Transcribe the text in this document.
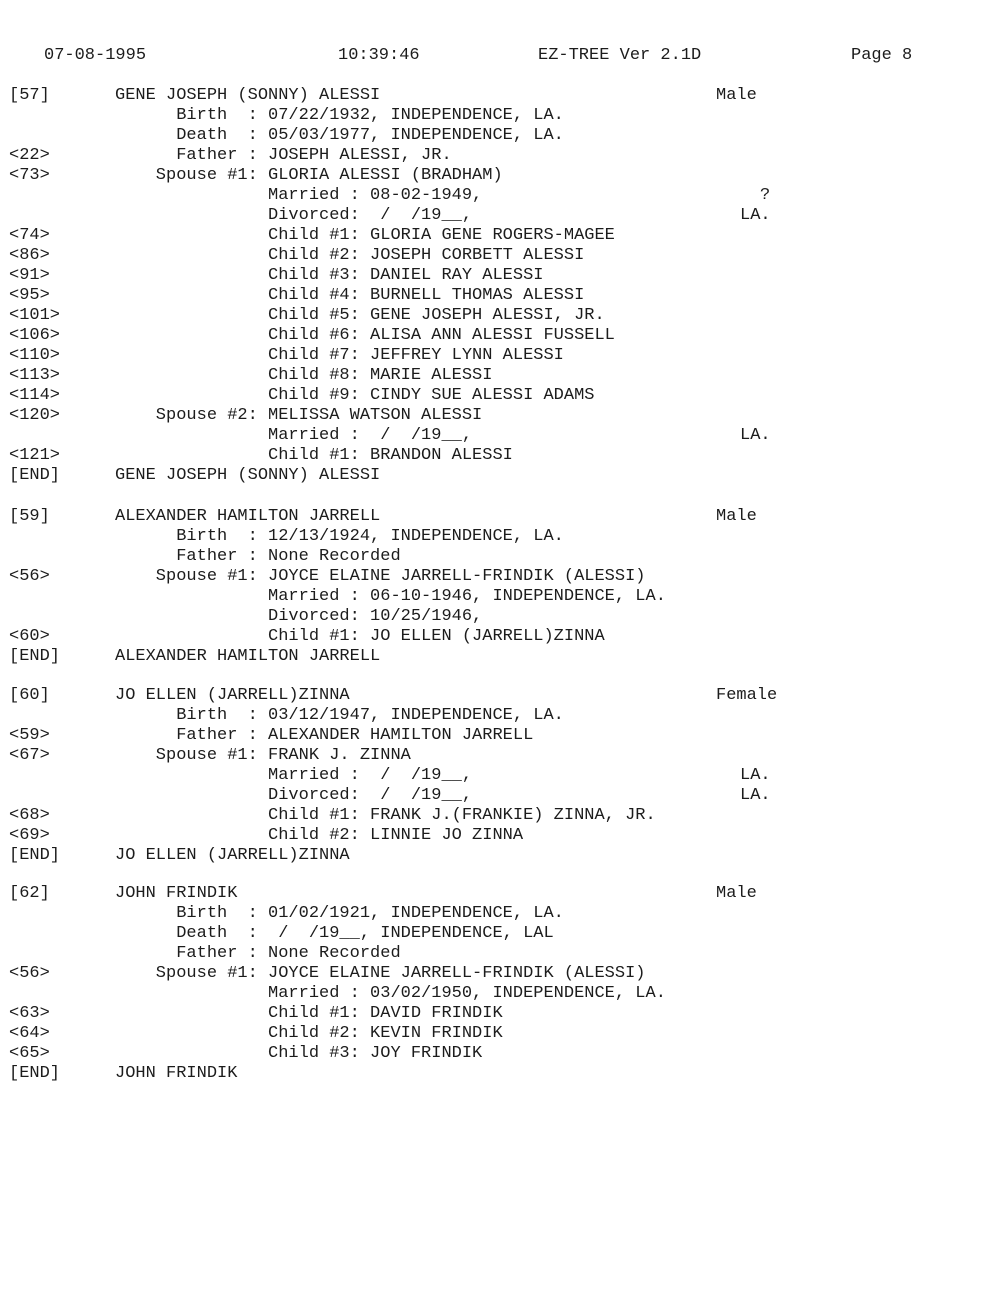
07-08-1995	10:39:46	EZ-TREE Ver 2.1D	Page 8
[57]	GENE JOSEPH (SONNY) ALESSI	Male
Birth  : 07/22/1932, INDEPENDENCE, LA.
Death  : 05/03/1977, INDEPENDENCE, LA.
<22>	Father : JOSEPH ALESSI, JR.
<73>	Spouse #1: GLORIA ALESSI (BRADHAM)
Married : 08-02-1949,	?
Divorced:  /  /19__,	LA.
<74>	Child #1: GLORIA GENE ROGERS-MAGEE
<86>	Child #2: JOSEPH CORBETT ALESSI
<91>	Child #3: DANIEL RAY ALESSI
<95>	Child #4: BURNELL THOMAS ALESSI
<101>	Child #5: GENE JOSEPH ALESSI, JR.
<106>	Child #6: ALISA ANN ALESSI FUSSELL
<110>	Child #7: JEFFREY LYNN ALESSI
<113>	Child #8: MARIE ALESSI
<114>	Child #9: CINDY SUE ALESSI ADAMS
<120>	Spouse #2: MELISSA WATSON ALESSI
Married :  /  /19__,	LA.
<121>	Child #1: BRANDON ALESSI
[END]	GENE JOSEPH (SONNY) ALESSI
[59]	ALEXANDER HAMILTON JARRELL	Male
Birth  : 12/13/1924, INDEPENDENCE, LA.
Father : None Recorded
<56>	Spouse #1: JOYCE ELAINE JARRELL-FRINDIK (ALESSI)
Married : 06-10-1946, INDEPENDENCE, LA.
Divorced: 10/25/1946,
<60>	Child #1: JO ELLEN (JARRELL)ZINNA
[END]	ALEXANDER HAMILTON JARRELL
[60]	JO ELLEN (JARRELL)ZINNA	Female
Birth  : 03/12/1947, INDEPENDENCE, LA.
<59>	Father : ALEXANDER HAMILTON JARRELL
<67>	Spouse #1: FRANK J. ZINNA
Married :  /  /19__,	LA.
Divorced:  /  /19__,	LA.
<68>	Child #1: FRANK J.(FRANKIE) ZINNA, JR.
<69>	Child #2: LINNIE JO ZINNA
[END]	JO ELLEN (JARRELL)ZINNA
[62]	JOHN FRINDIK	Male
Birth  : 01/02/1921, INDEPENDENCE, LA.
Death  :  /  /19__, INDEPENDENCE, LAL
Father : None Recorded
<56>	Spouse #1: JOYCE ELAINE JARRELL-FRINDIK (ALESSI)
Married : 03/02/1950, INDEPENDENCE, LA.
<63>	Child #1: DAVID FRINDIK
<64>	Child #2: KEVIN FRINDIK
<65>	Child #3: JOY FRINDIK
[END]	JOHN FRINDIK
